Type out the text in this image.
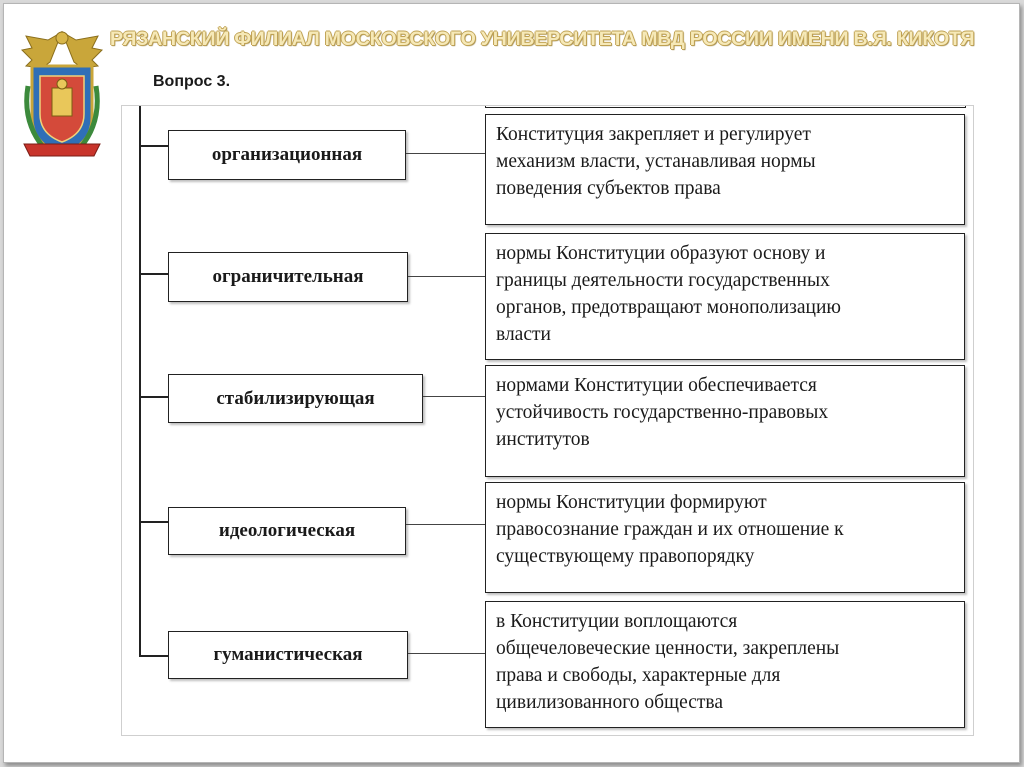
РЯЗАНСКИЙ ФИЛИАЛ МОСКОВСКОГО УНИВЕРСИТЕТА МВД РОССИИ ИМЕНИ В.Я. КИКОТЯ
Вопрос 3.
организационная
Конституция закрепляет и регулирует
механизм власти, устанавливая нормы
поведения субъектов права
ограничительная
нормы Конституции образуют основу и
границы деятельности государственных
органов, предотвращают монополизацию
власти
стабилизирующая
нормами Конституции обеспечивается
устойчивость государственно-правовых
институтов
идеологическая
нормы Конституции формируют
правосознание граждан и их отношение к
существующему правопорядку
гуманистическая
в Конституции воплощаются
общечеловеческие ценности, закреплены
права и свободы, характерные для
цивилизованного общества
